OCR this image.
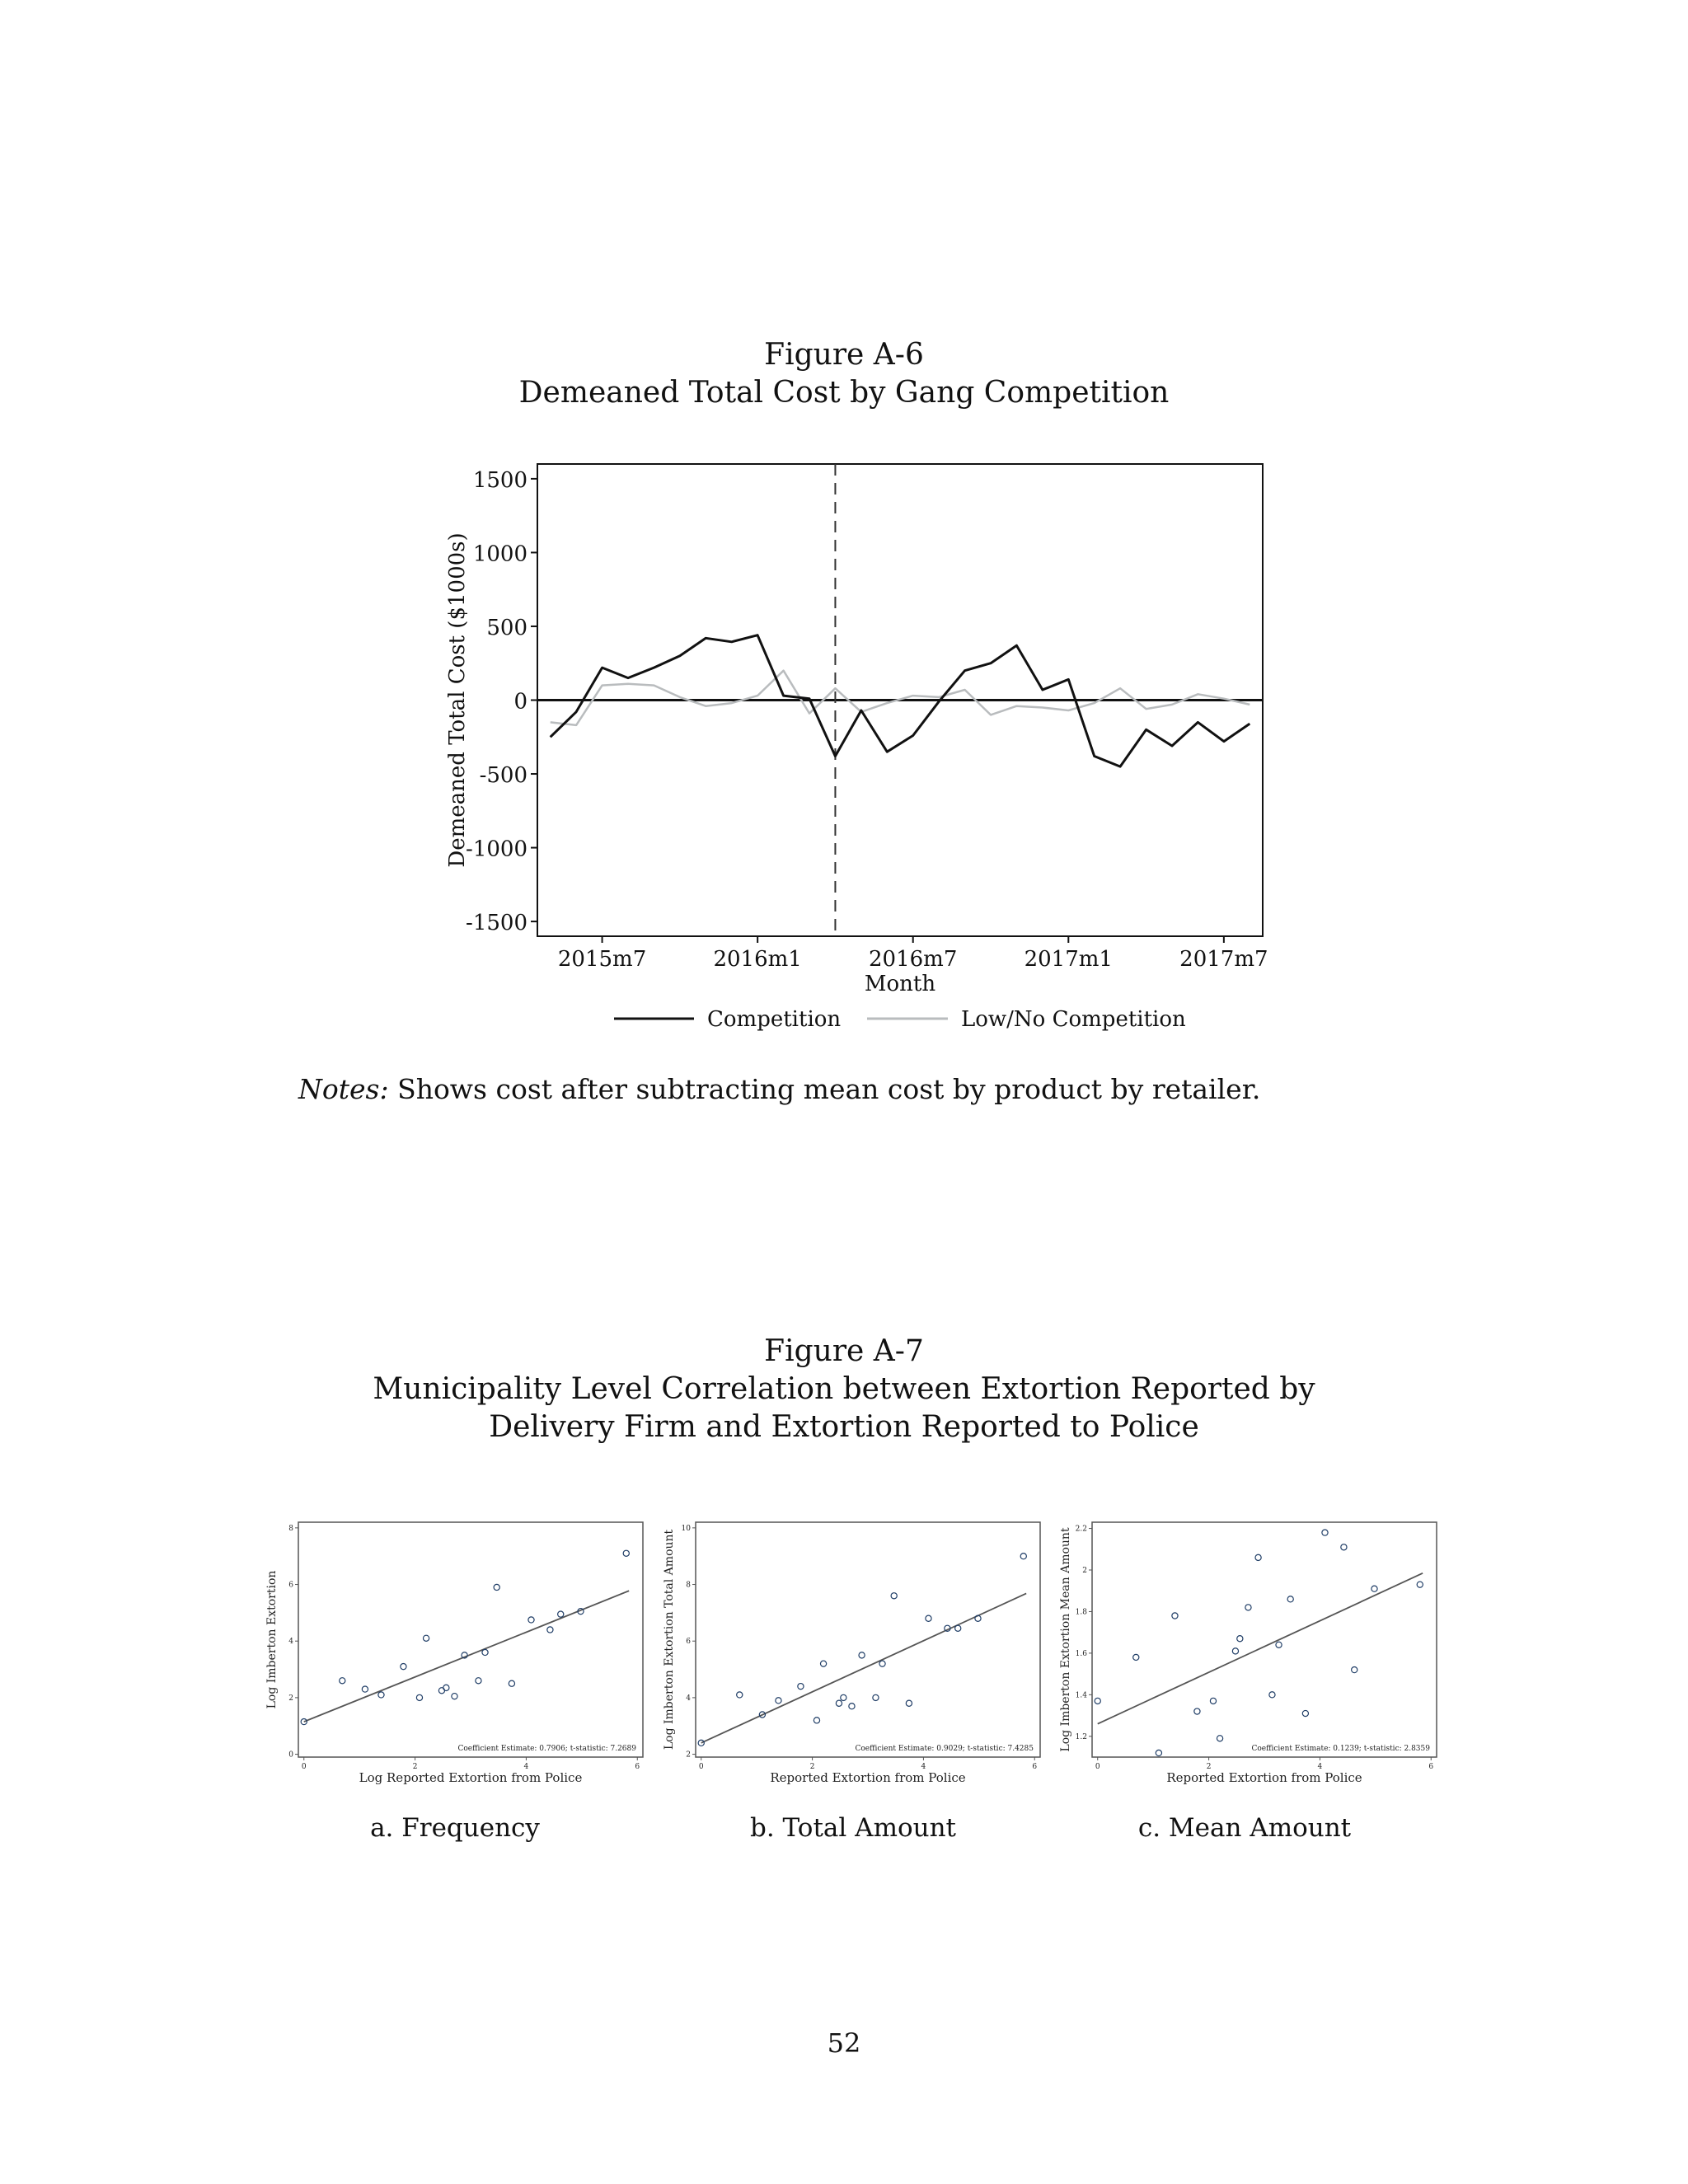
Figure A-6
Demeaned Total Cost by Gang Competition
1500
1000
500
0
-500
-1000
-1500
2015m7	2016m1	2016m7	2017m1	2017m7
Month
Demeaned Total Cost ($1000s)
Competition	Low/No Competition
Notes: Shows cost after subtracting mean cost by product by retailer.
Figure A-7
Municipality Level Correlation between Extortion Reported by
Delivery Firm and Extortion Reported to Police
0
2
4
6
8
0	2	4	6
Log Reported Extortion from Police
Log Imberton Extortion
Coefficient Estimate: 0.7906; t-statistic: 7.2689
2
4
6
8
10
0	2	4	6
Reported Extortion from Police
Log Imberton Extortion Total Amount	Coefficient Estimate: 0.9029; t-statistic: 7.4285
1.2
1.4
1.6
1.8
2
2.2
0	2	4	6
Reported Extortion from Police
Log Imberton Extortion Mean Amount	Coefficient Estimate: 0.1239; t-statistic: 2.8359
a. Frequency	b. Total Amount	c. Mean Amount
52
